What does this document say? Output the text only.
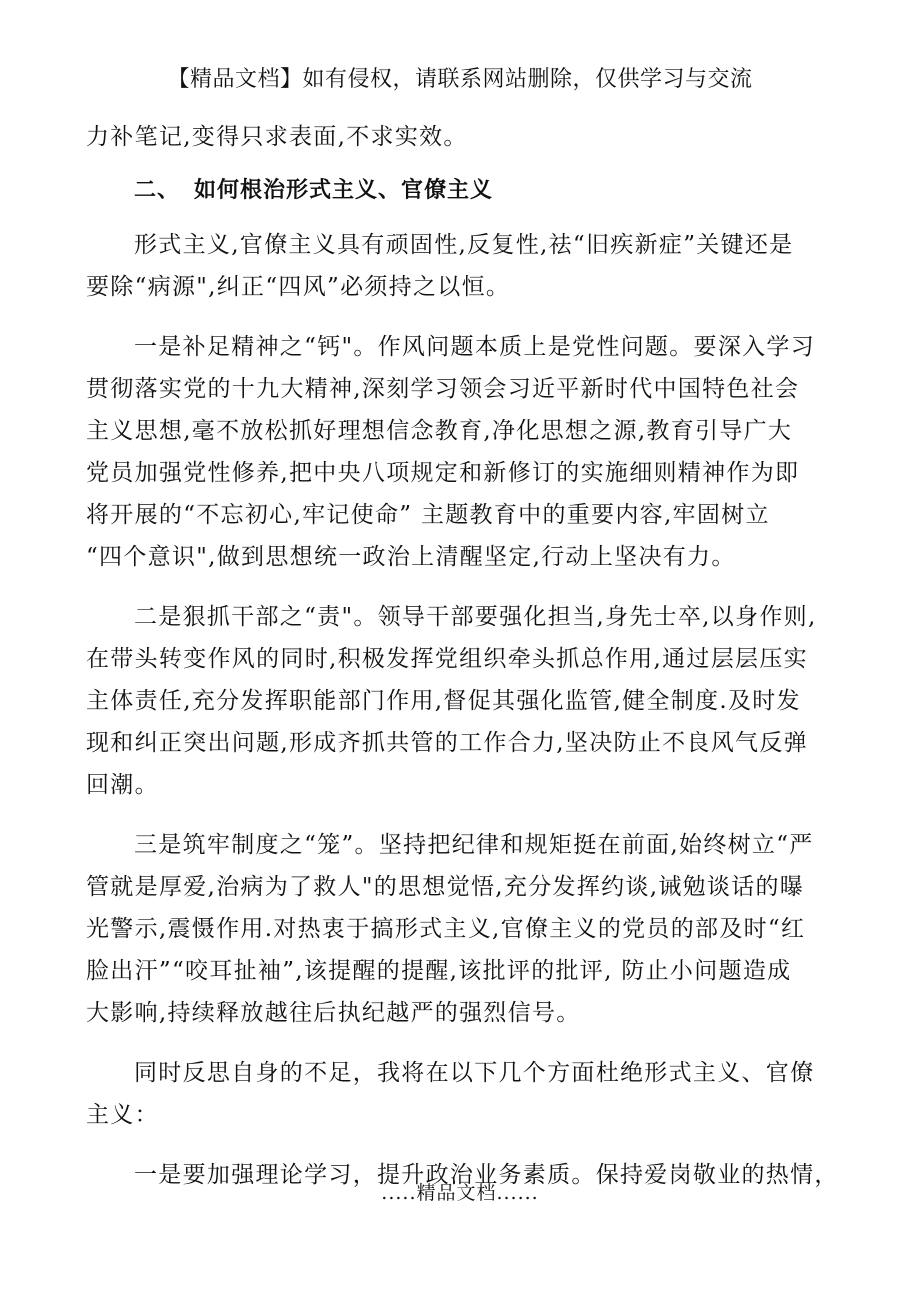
【精品文档】如有侵权，请联系网站删除，仅供学习与交流
力补笔记,变得只求表面,不求实效。
二、 如何根治形式主义、官僚主义
形式主义,官僚主义具有顽固性,反复性,祛“旧疾新症”关键还是
要除“病源",纠正“四风”必须持之以恒。
一是补足精神之“钙"。作风问题本质上是党性问题。要深入学习
贯彻落实党的十九大精神,深刻学习领会习近平新时代中国特色社会
主义思想,毫不放松抓好理想信念教育,净化思想之源,教育引导广大
党员加强党性修养,把中央八项规定和新修订的实施细则精神作为即
将开展的“不忘初心,牢记使命” 主题教育中的重要内容,牢固树立
“四个意识",做到思想统一政治上清醒坚定,行动上坚决有力。
二是狠抓干部之“责"。领导干部要强化担当,身先士卒,以身作则,
在带头转变作风的同时,积极发挥党组织牵头抓总作用,通过层层压实
主体责任,充分发挥职能部门作用,督促其强化监管,健全制度.及时发
现和纠正突出问题,形成齐抓共管的工作合力,坚决防止不良风气反弹
回潮。
三是筑牢制度之“笼”。坚持把纪律和规矩挺在前面,始终树立“严
管就是厚爱,治病为了救人"的思想觉悟,充分发挥约谈,诫勉谈话的曝
光警示,震慑作用.对热衷于搞形式主义,官僚主义的党员的部及时“红
脸出汗”“咬耳扯袖”,该提醒的提醒,该批评的批评, 防止小问题造成
大影响,持续释放越往后执纪越严的强烈信号。
同时反思自身的不足，我将在以下几个方面杜绝形式主义、官僚
主义：
一是要加强理论学习，提升政治业务素质。保持爱岗敬业的热情，
.....精品文档......
